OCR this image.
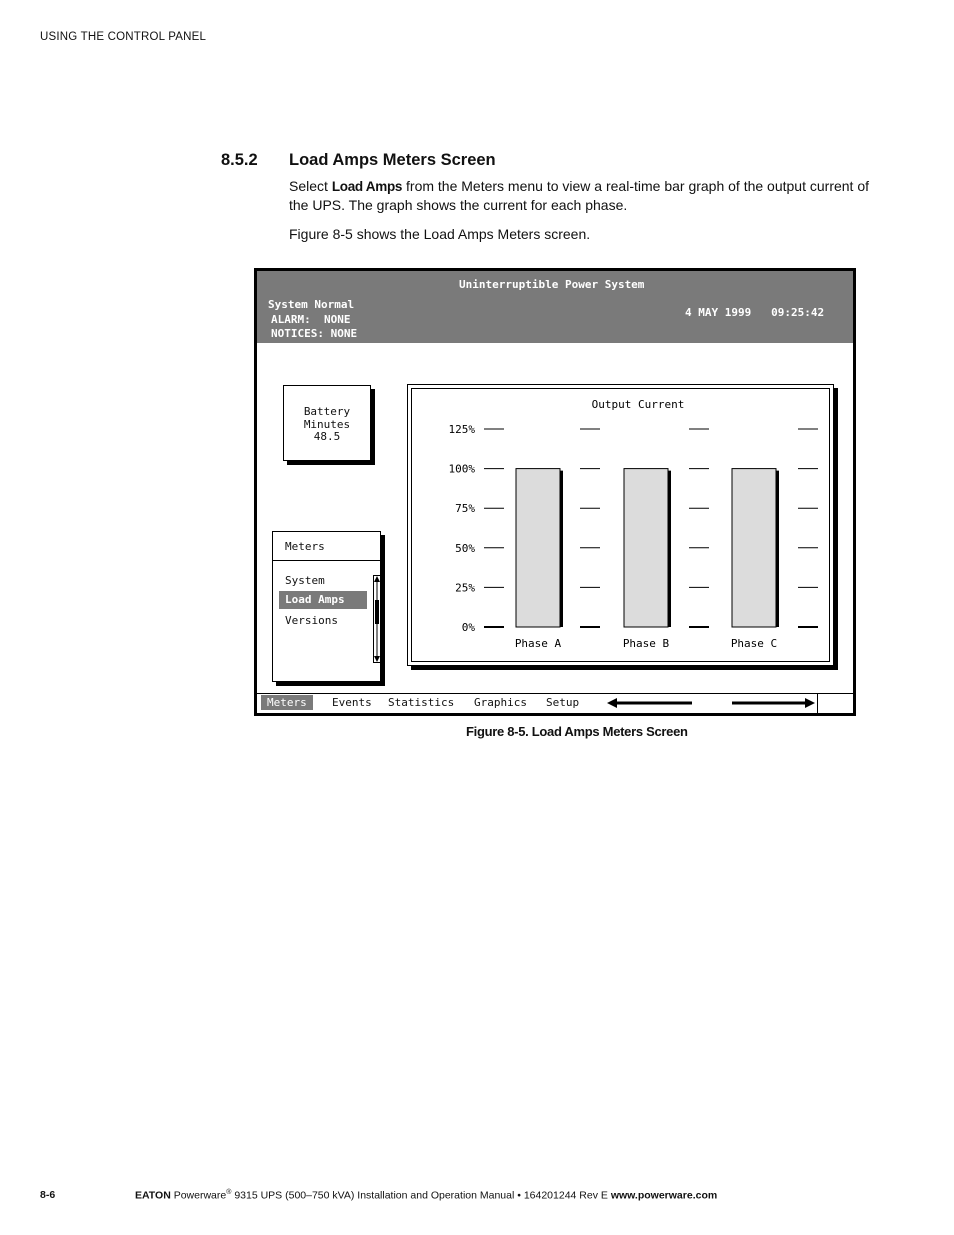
USING THE CONTROL PANEL
8.5.2 Load Amps Meters Screen
Select Load Amps from the Meters menu to view a real-time bar graph of the output current of the UPS. The graph shows the current for each phase.
Figure 8-5 shows the Load Amps Meters screen.
Uninterruptible Power System
System Normal
ALARM:  NONE
NOTICES: NONE
4 MAY 1999   09:25:42
Battery
Minutes
48.5
Meters
System
Load Amps
Versions
Output Current
0%
25%
50%
75%
100%
125%
Phase A	Phase B	Phase C
Meters	Events Statistics Graphics Setup
Figure 8-5. Load Amps Meters Screen
8-6	EATON Powerware® 9315 UPS (500–750 kVA) Installation and Operation Manual • 164201244 Rev E www.powerware.com
